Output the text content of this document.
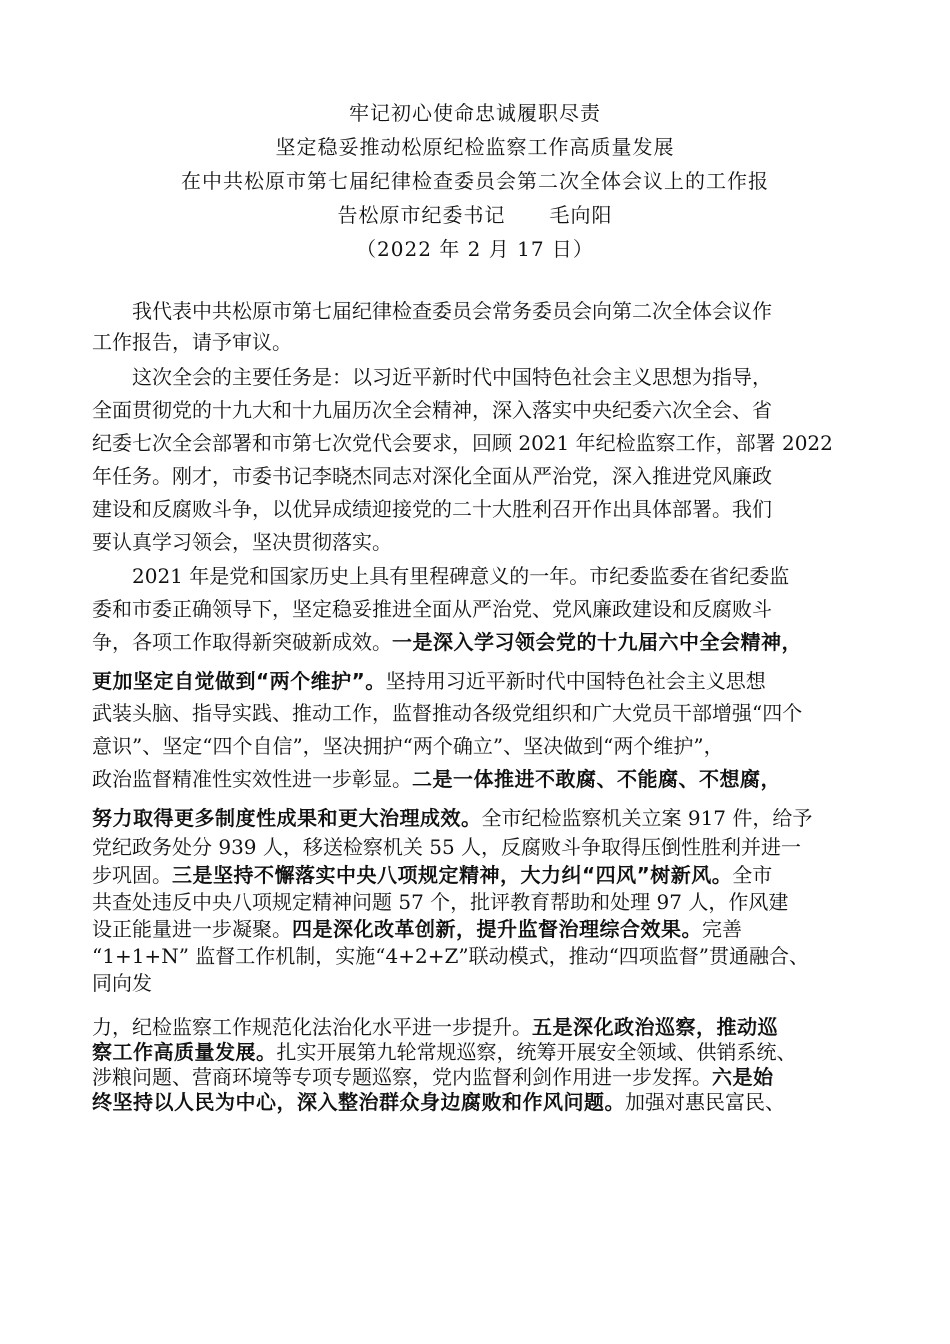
牢记初心使命忠诚履职尽责
坚定稳妥推动松原纪检监察工作高质量发展
在中共松原市第七届纪律检查委员会第二次全体会议上的工作报
告松原市纪委书记 毛向阳
（2022 年 2 月 17 日）
我代表中共松原市第七届纪律检查委员会常务委员会向第二次全体会议作
工作报告，请予审议。
这次全会的主要任务是：以习近平新时代中国特色社会主义思想为指导，
全面贯彻党的十九大和十九届历次全会精神，深入落实中央纪委六次全会、省
纪委七次全会部署和市第七次党代会要求，回顾 2021 年纪检监察工作，部署 2022
年任务。刚才，市委书记李晓杰同志对深化全面从严治党，深入推进党风廉政
建设和反腐败斗争，以优异成绩迎接党的二十大胜利召开作出具体部署。我们
要认真学习领会，坚决贯彻落实。
2021 年是党和国家历史上具有里程碑意义的一年。市纪委监委在省纪委监
委和市委正确领导下，坚定稳妥推进全面从严治党、党风廉政建设和反腐败斗
争，各项工作取得新突破新成效。一是深入学习领会党的十九届六中全会精神，
更加坚定自觉做到“两个维护”。坚持用习近平新时代中国特色社会主义思想
武装头脑、指导实践、推动工作，监督推动各级党组织和广大党员干部增强“四个
意识”、坚定“四个自信”，坚决拥护“两个确立”、坚决做到“两个维护”，
政治监督精准性实效性进一步彰显。二是一体推进不敢腐、不能腐、不想腐，
努力取得更多制度性成果和更大治理成效。全市纪检监察机关立案 917 件，给予
党纪政务处分 939 人，移送检察机关 55 人，反腐败斗争取得压倒性胜利并进一
步巩固。三是坚持不懈落实中央八项规定精神，大力纠“四风”树新风。全市
共查处违反中央八项规定精神问题 57 个，批评教育帮助和处理 97 人，作风建
设正能量进一步凝聚。四是深化改革创新，提升监督治理综合效果。完善
“1+1+N” 监督工作机制，实施“4+2+Z”联动模式，推动“四项监督”贯通融合、
同向发
力，纪检监察工作规范化法治化水平进一步提升。五是深化政治巡察，推动巡
察工作高质量发展。扎实开展第九轮常规巡察，统筹开展安全领域、供销系统、
涉粮问题、营商环境等专项专题巡察，党内监督利剑作用进一步发挥。六是始
终坚持以人民为中心，深入整治群众身边腐败和作风问题。加强对惠民富民、
